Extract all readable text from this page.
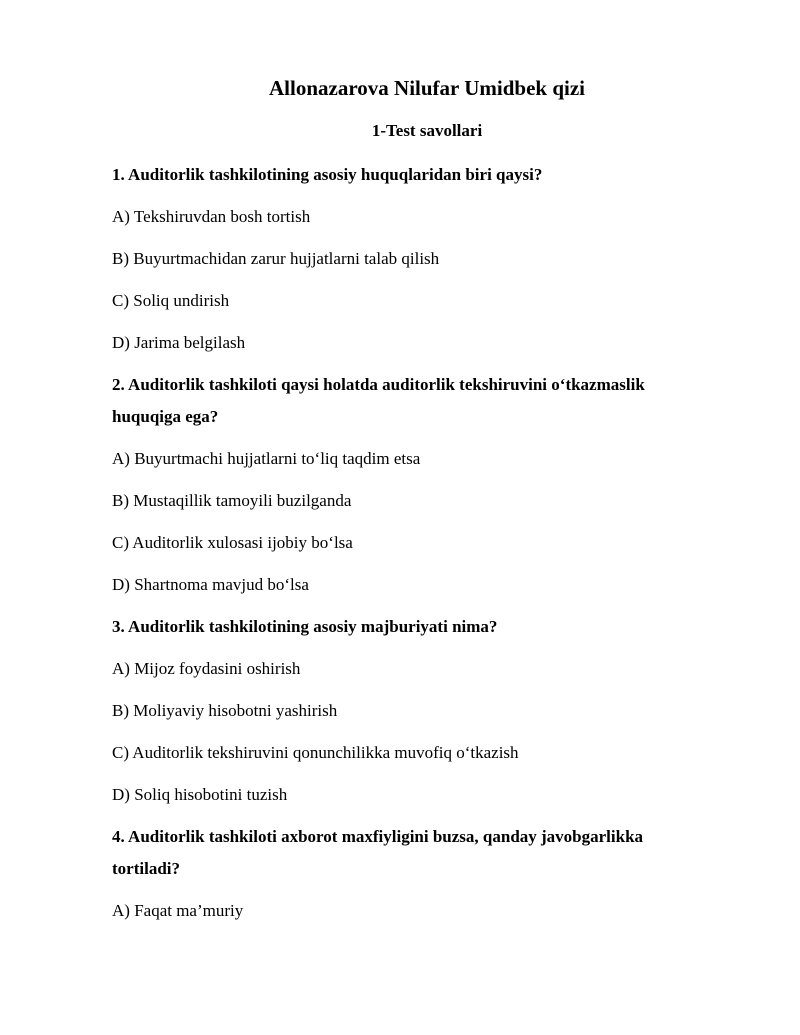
Allonazarova Nilufar Umidbek qizi
1-Test savollari
1. Auditorlik tashkilotining asosiy huquqlaridan biri qaysi?
A) Tekshiruvdan bosh tortish
B) Buyurtmachidan zarur hujjatlarni talab qilish
C) Soliq undirish
D) Jarima belgilash
2. Auditorlik tashkiloti qaysi holatda auditorlik tekshiruvini o‘tkazmaslik
huquqiga ega?
A) Buyurtmachi hujjatlarni to‘liq taqdim etsa
B) Mustaqillik tamoyili buzilganda
C) Auditorlik xulosasi ijobiy bo‘lsa
D) Shartnoma mavjud bo‘lsa
3. Auditorlik tashkilotining asosiy majburiyati nima?
A) Mijoz foydasini oshirish
B) Moliyaviy hisobotni yashirish
C) Auditorlik tekshiruvini qonunchilikka muvofiq o‘tkazish
D) Soliq hisobotini tuzish
4. Auditorlik tashkiloti axborot maxfiyligini buzsa, qanday javobgarlikka
tortiladi?
A) Faqat ma’muriy
